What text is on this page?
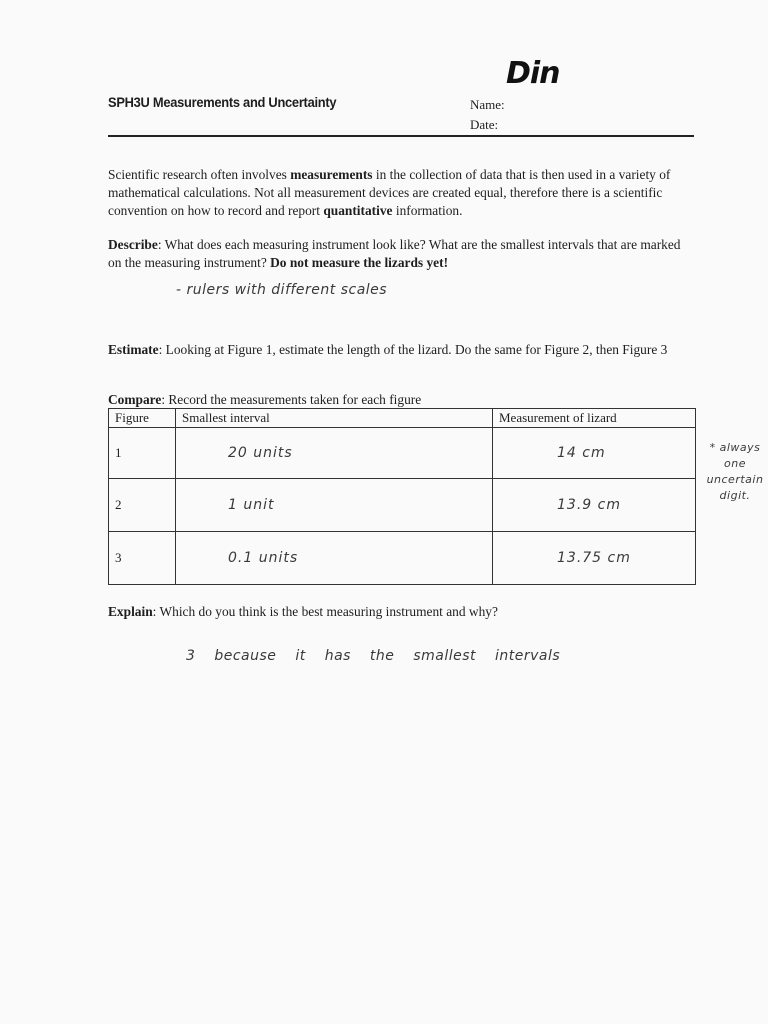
Din
SPH3U Measurements and Uncertainty	Name:
Date:
Scientific research often involves measurements in the collection of data that is then used in a variety of mathematical calculations. Not all measurement devices are created equal, therefore there is a scientific convention on how to record and report quantitative information.
Describe: What does each measuring instrument look like? What are the smallest intervals that are marked on the measuring instrument? Do not measure the lizards yet!
- rulers with different scales
Estimate: Looking at Figure 1, estimate the length of the lizard. Do the same for Figure 2, then Figure 3
Compare: Record the measurements taken for each figure
Figure	Smallest interval	Measurement of lizard
1	20 units	14 cm
2	1 unit	13.9 cm
3	0.1 units	13.75 cm
* always
one
uncertain
digit.
Explain: Which do you think is the best measuring instrument and why?
3 because it has the smallest intervals
